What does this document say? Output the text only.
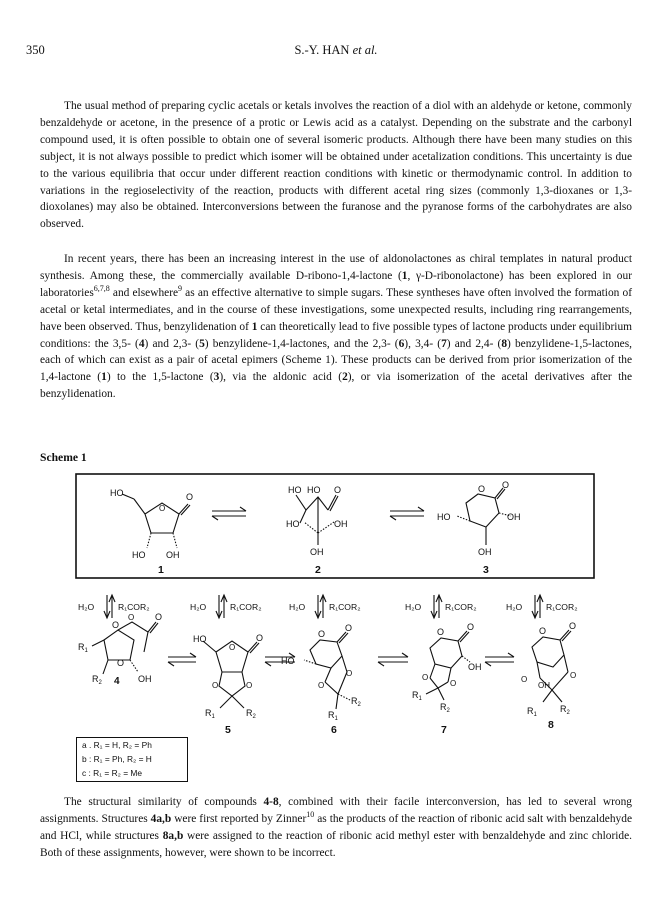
350	S.-Y. HAN et al.

The usual method of preparing cyclic acetals or ketals involves the reaction of a diol with an aldehyde or ketone, commonly benzaldehyde or acetone, in the presence of a protic or Lewis acid as a catalyst. Depending on the substrate and the carbonyl compound used, it is often possible to obtain one of several isomeric products. Although there have been many studies on this subject, it is not always possible to predict which isomer will be obtained under acetalization conditions. This uncertainty is due to the various equilibria that occur under different reaction conditions with kinetic or thermodynamic control. In addition to variations in the regioselectivity of the reaction, products with different acetal ring sizes (commonly 1,3-dioxanes or 1,3-dioxolanes) may also be obtained. Interconversions between the furanose and the pyranose forms of the carbohydrates are also observed.

In recent years, there has been an increasing interest in the use of aldonolactones as chiral templates in natural product synthesis. Among these, the commercially available D-ribono-1,4-lactone (1, γ-D-ribonolactone) has been explored in our laboratories$^{6,7,8}$ and elsewhere$^9$ as an effective alternative to simple sugars. These syntheses have often involved the formation of acetal or ketal intermediates, and in the course of these investigations, some unexpected results, including ring rearrangements, have been observed. Thus, benzylidenation of 1 can theoretically lead to five possible types of lactone products under equilibrium conditions: the 3,5- (4) and 2,3- (5) benzylidene-1,4-lactones, and the 2,3- (6), 3,4- (7) and 2,4- (8) benzylidene-1,5-lactones, each of which can exist as a pair of acetal epimers (Scheme 1). These products can be derived from prior isomerization of the 1,4-lactone (1) to the 1,5-lactone (3), via the aldonic acid (2), or via isomerization of the acetal derivatives after the benzylidenation.

Scheme 1
HO	O
O
HO OH
1
HO HO O
HO	OH
OH
2
O O
HO	OH
OH
3
H₂O	R₁COR₂	H₂O	R₁COR₂	H₂O	R₁COR₂	H₂O	R₁COR₂	H₂O	R₁COR₂
O
O
O
O
$R_1$
$R_2$	OH
4
HO	O
O
O	O
$R_1$	$R_2$
5
O
O
HO
O
O
$R_2$
$R_1$
6
O	O
OH
O
O
$R_1$
$R_2$
7
O	O
O	O
OH
$R_1$
$R_2$
8
a . R₁ = H, R₂ = Ph
b : R₁ = Ph, R₂ = H
c : R₁ = R₂ = Me

The structural similarity of compounds 4-8, combined with their facile interconversion, has led to several wrong assignments. Structures 4a,b were first reported by Zinner$^{10}$ as the products of the reaction of ribonic acid salt with benzaldehyde and HCl, while structures 8a,b were assigned to the reaction of ribonic acid methyl ester with benzaldehyde and zinc chloride. Both of these assignments, however, were shown to be incorrect.
